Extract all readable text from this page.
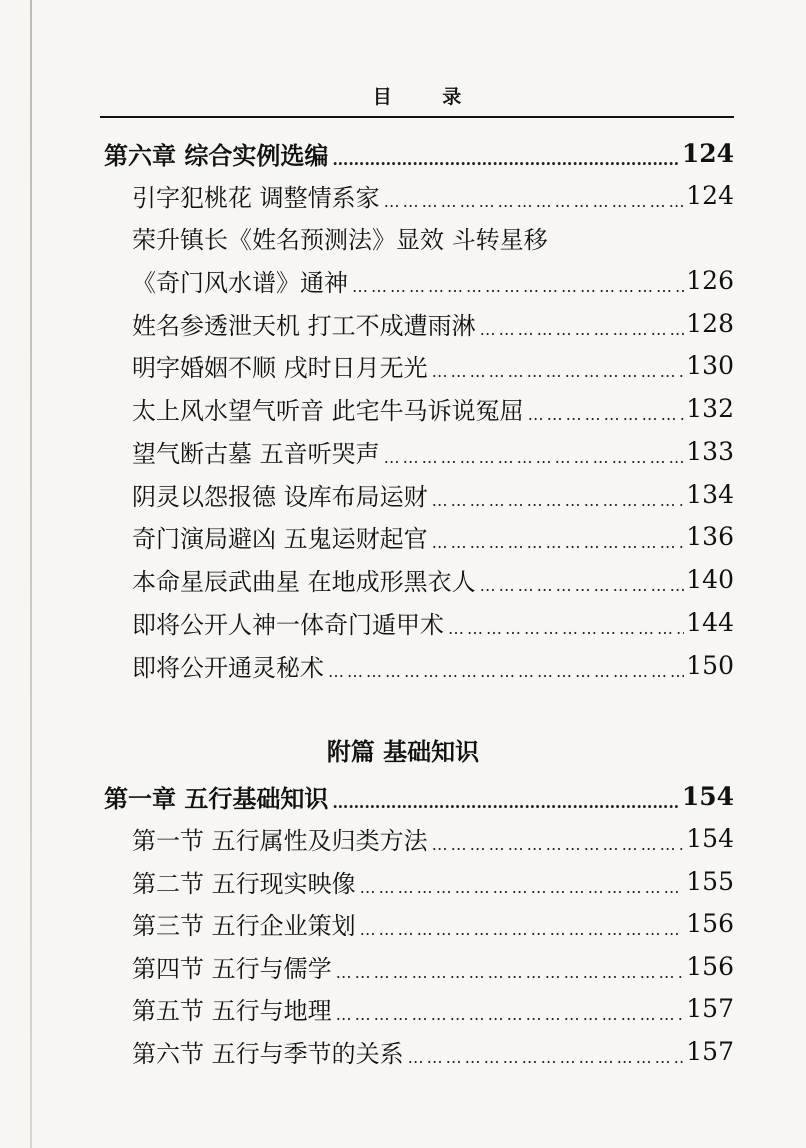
目 录
第六章 综合实例选编 ……………………………………………………………………………………	124
引字犯桃花 调整情系家 ……………………………………………………………………………………	124
荣升镇长《姓名预测法》显效 斗转星移
《奇门风水谱》通神 ……………………………………………………………………………………	126
姓名参透泄天机 打工不成遭雨淋 ……………………………………………………………………………………	128
明字婚姻不顺 戌时日月无光 ……………………………………………………………………………………	130
太上风水望气听音 此宅牛马诉说冤屈 ……………………………………………………………………………………	132
望气断古墓 五音听哭声 ……………………………………………………………………………………	133
阴灵以怨报德 设库布局运财 ……………………………………………………………………………………	134
奇门演局避凶 五鬼运财起官 ……………………………………………………………………………………	136
本命星辰武曲星 在地成形黑衣人 ……………………………………………………………………………………	140
即将公开人神一体奇门遁甲术 ……………………………………………………………………………………	144
即将公开通灵秘术 ……………………………………………………………………………………	150
附篇 基础知识
第一章 五行基础知识 ……………………………………………………………………………………	154
第一节 五行属性及归类方法 ……………………………………………………………………………………	154
第二节 五行现实映像 ……………………………………………………………………………………	155
第三节 五行企业策划 ……………………………………………………………………………………	156
第四节 五行与儒学 ……………………………………………………………………………………	156
第五节 五行与地理 ……………………………………………………………………………………	157
第六节 五行与季节的关系 ……………………………………………………………………………………	157
